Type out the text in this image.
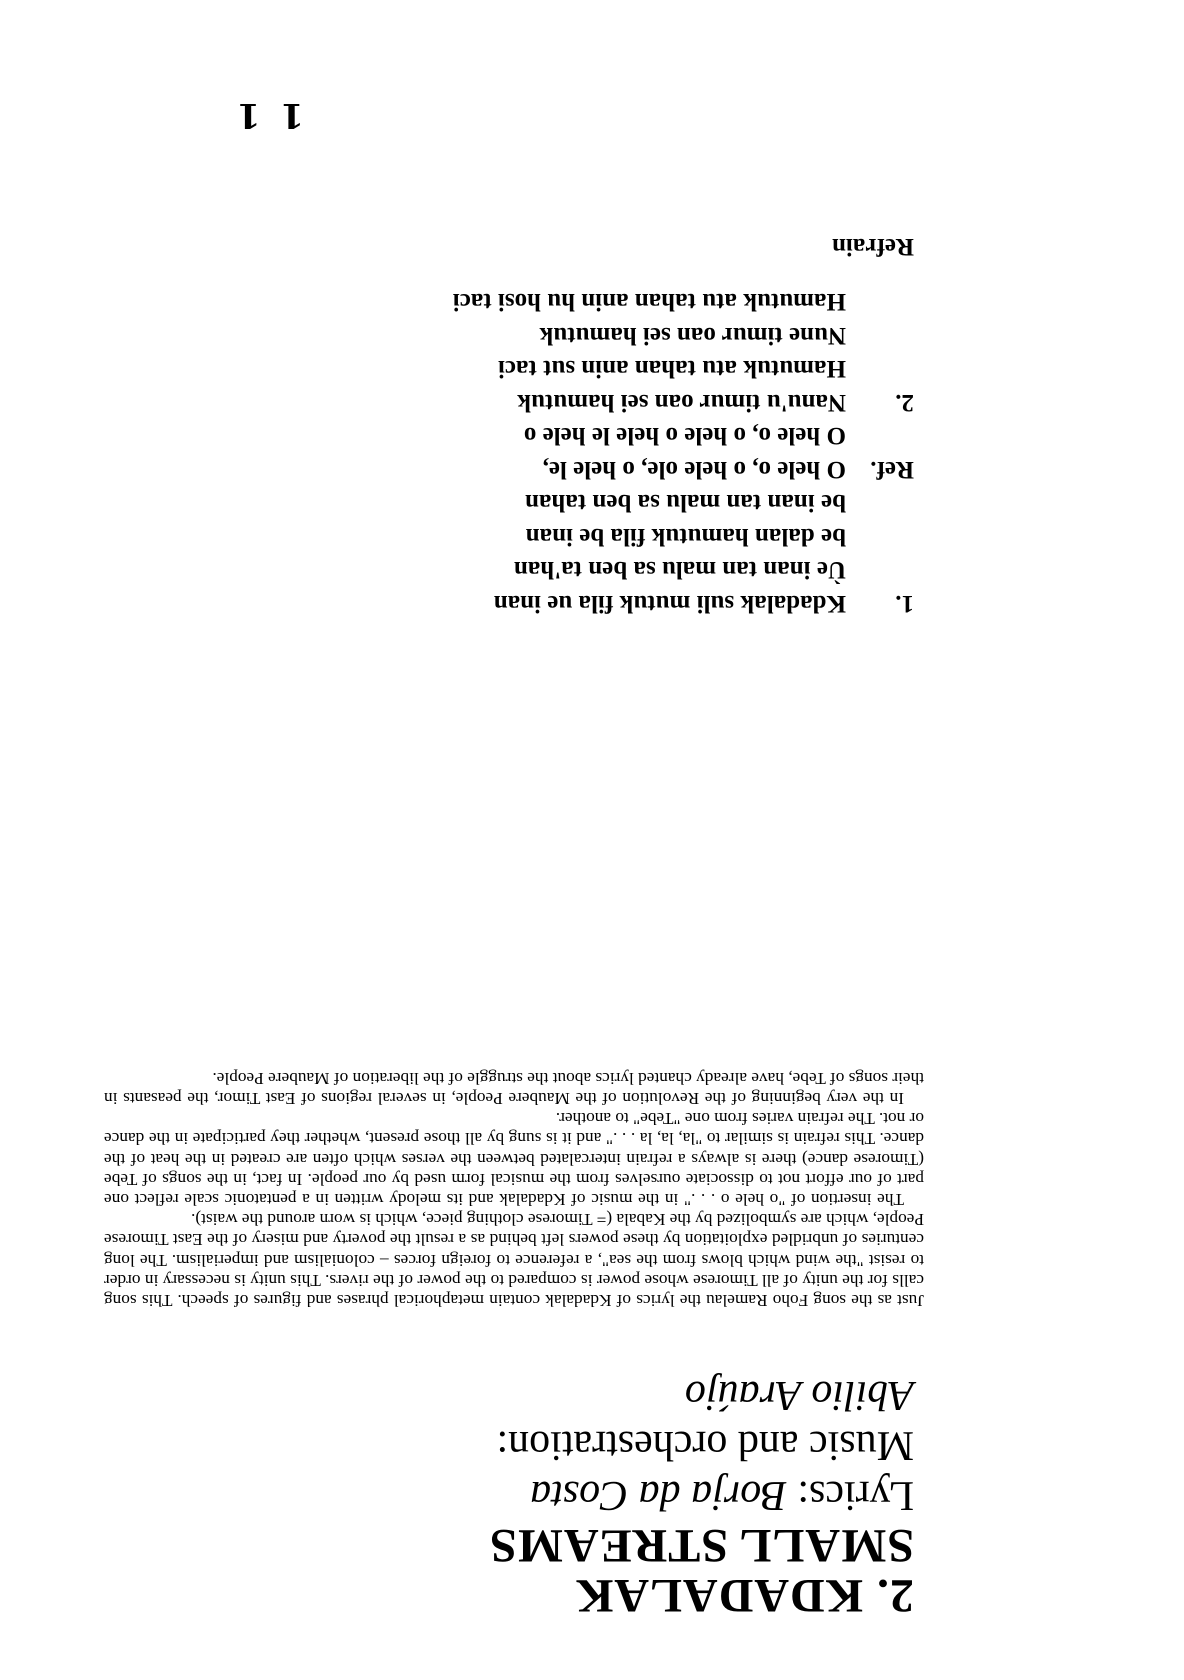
2. KDADALAK
SMALL STREAMS
Lyrics: Borja da Costa
Music and orchestration:
Abilio Araújo

Just as the song Foho Ramelau the lyrics of Kdadalak contain metaphorical phrases and figures of speech. This song calls for the unity of all Timorese whose power is compared to the power of the rivers. This unity is necessary in order to resist "the wind which blows from the sea", a reference to foreign forces – colonialism and imperialism. The long centuries of unbridled exploitation by these powers left behind as a result the poverty and misery of the East Timorese People, which are symbolized by the Kabala (= Timorese clothing piece, which is worn around the waist).

The insertion of "o hele o . . ." in the music of Kdadalak and its melody written in a pentatonic scale reflect one part of our effort not to dissociate ourselves from the musical form used by our people. In fact, in the songs of Tebe (Timorese dance) there is always a refrain intercalated between the verses which often are created in the heat of the dance. This refrain is similar to "la, la, la . . ." and it is sung by all those present, whether they participate in the dance or not. The refrain varies from one "Tebe" to another.

In the very beginning of the Revolution of the Maubere People, in several regions of East Timor, the peasants in their songs of Tebe, have already chanted lyrics about the struggle of the liberation of Maubere People.

1.
Kdadalak suli mutuk fila ue inan
Ùe inan tan malu sa ben ta'han
be dalan hamutuk fila be inan
be inan tan malu sa ben tahan
Ref.
O hele o, o hele ole, o hele le,
O hele o, o hele o hele le hele o
2.
Nanu'u timur oan sei hamutuk
Hamutuk atu tahan anin sut taci
Nune timur oan sei hamutuk
Hamutuk atu tahan anin hu hosi taci
Refrain
1 1
